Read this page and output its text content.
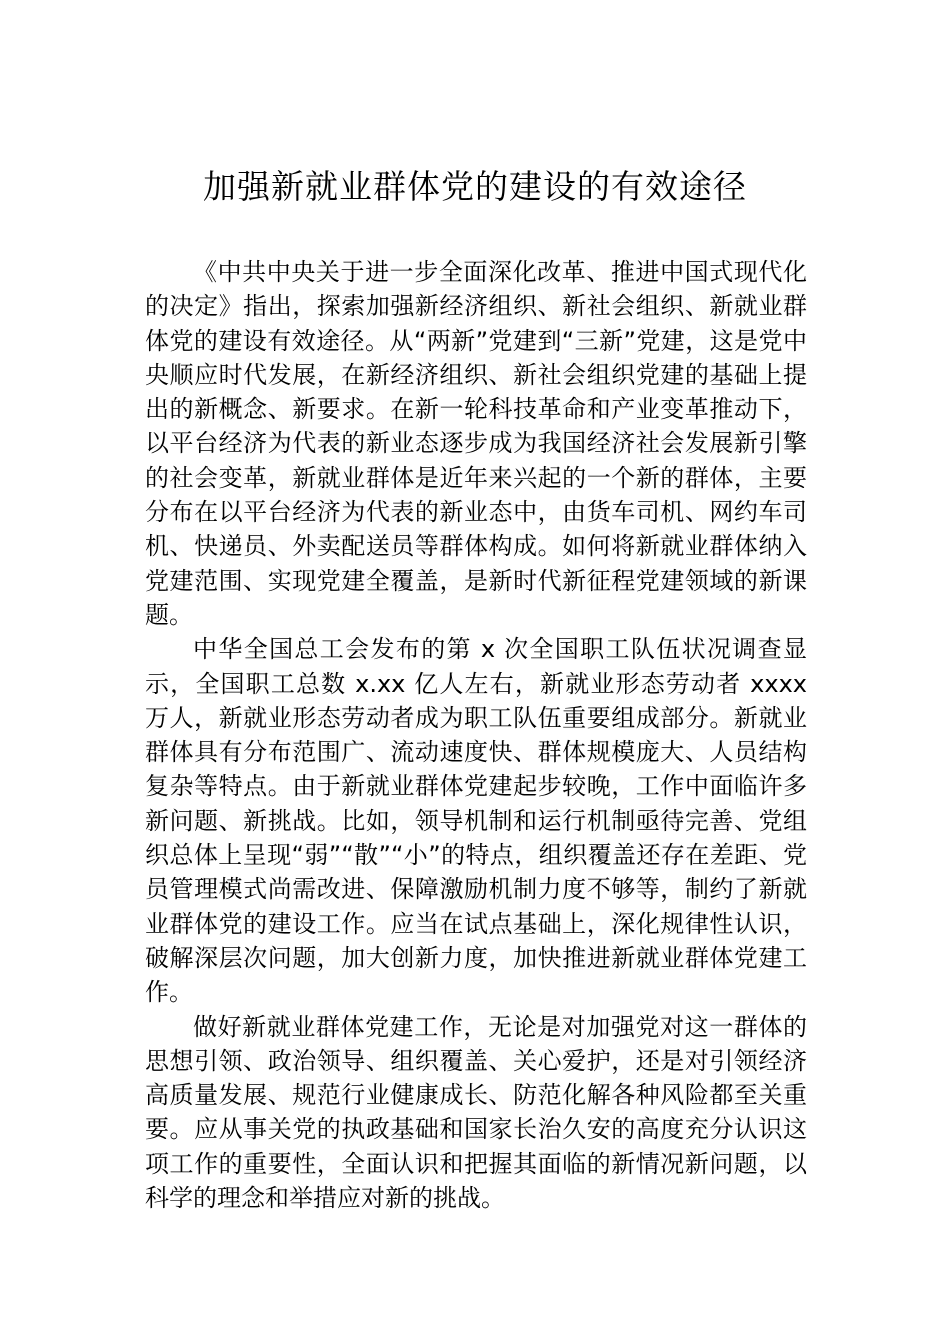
加强新就业群体党的建设的有效途径

《中共中央关于进一步全面深化改革、推进中国式现代化的决定》指出，探索加强新经济组织、新社会组织、新就业群体党的建设有效途径。从“两新”党建到“三新”党建，这是党中央顺应时代发展，在新经济组织、新社会组织党建的基础上提出的新概念、新要求。在新一轮科技革命和产业变革推动下，以平台经济为代表的新业态逐步成为我国经济社会发展新引擎的社会变革，新就业群体是近年来兴起的一个新的群体，主要分布在以平台经济为代表的新业态中，由货车司机、网约车司机、快递员、外卖配送员等群体构成。如何将新就业群体纳入党建范围、实现党建全覆盖，是新时代新征程党建领域的新课题。

中华全国总工会发布的第 x 次全国职工队伍状况调查显示，全国职工总数 x.xx 亿人左右，新就业形态劳动者 xxxx 万人，新就业形态劳动者成为职工队伍重要组成部分。新就业群体具有分布范围广、流动速度快、群体规模庞大、人员结构复杂等特点。由于新就业群体党建起步较晚，工作中面临许多新问题、新挑战。比如，领导机制和运行机制亟待完善、党组织总体上呈现“弱”“散”“小”的特点，组织覆盖还存在差距、党员管理模式尚需改进、保障激励机制力度不够等，制约了新就业群体党的建设工作。应当在试点基础上，深化规律性认识，破解深层次问题，加大创新力度，加快推进新就业群体党建工作。

做好新就业群体党建工作，无论是对加强党对这一群体的思想引领、政治领导、组织覆盖、关心爱护，还是对引领经济高质量发展、规范行业健康成长、防范化解各种风险都至关重要。应从事关党的执政基础和国家长治久安的高度充分认识这项工作的重要性，全面认识和把握其面临的新情况新问题，以科学的理念和举措应对新的挑战。
